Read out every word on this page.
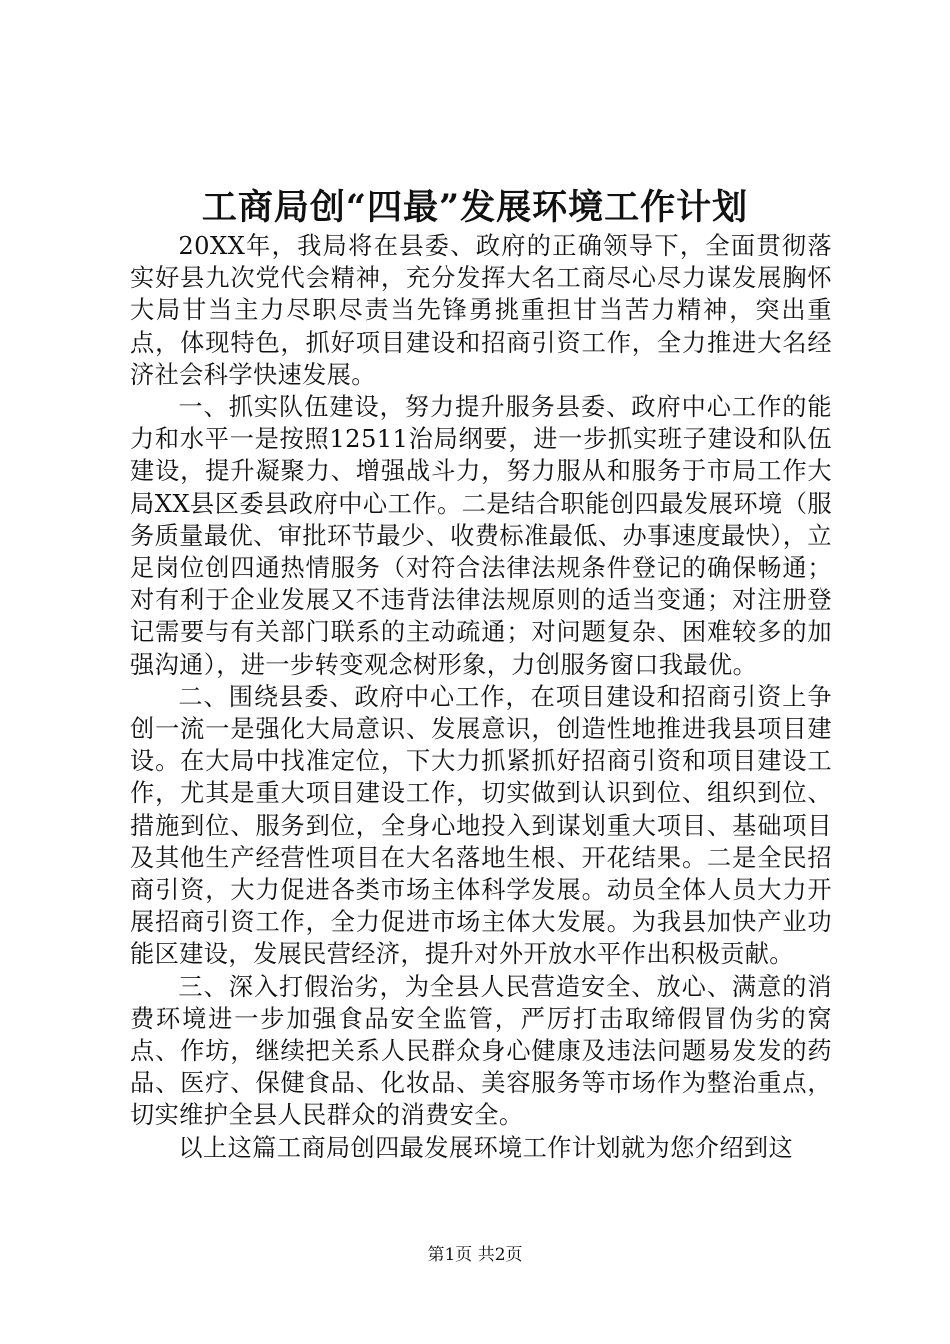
工商局创“四最”发展环境工作计划

20XX年，我局将在县委、政府的正确领导下，全面贯彻落实好县九次党代会精神，充分发挥大名工商尽心尽力谋发展胸怀大局甘当主力尽职尽责当先锋勇挑重担甘当苦力精神，突出重点，体现特色，抓好项目建设和招商引资工作，全力推进大名经济社会科学快速发展。

一、抓实队伍建设，努力提升服务县委、政府中心工作的能力和水平一是按照12511治局纲要，进一步抓实班子建设和队伍建设，提升凝聚力、增强战斗力，努力服从和服务于市局工作大局XX县区委县政府中心工作。二是结合职能创四最发展环境（服务质量最优、审批环节最少、收费标准最低、办事速度最快），立足岗位创四通热情服务（对符合法律法规条件登记的确保畅通；对有利于企业发展又不违背法律法规原则的适当变通；对注册登记需要与有关部门联系的主动疏通；对问题复杂、困难较多的加强沟通），进一步转变观念树形象，力创服务窗口我最优。

二、围绕县委、政府中心工作，在项目建设和招商引资上争创一流一是强化大局意识、发展意识，创造性地推进我县项目建设。在大局中找准定位，下大力抓紧抓好招商引资和项目建设工作，尤其是重大项目建设工作，切实做到认识到位、组织到位、措施到位、服务到位，全身心地投入到谋划重大项目、基础项目及其他生产经营性项目在大名落地生根、开花结果。二是全民招商引资，大力促进各类市场主体科学发展。动员全体人员大力开展招商引资工作，全力促进市场主体大发展。为我县加快产业功能区建设，发展民营经济，提升对外开放水平作出积极贡献。

三、深入打假治劣，为全县人民营造安全、放心、满意的消费环境进一步加强食品安全监管，严厉打击取缔假冒伪劣的窝点、作坊，继续把关系人民群众身心健康及违法问题易发发的药品、医疗、保健食品、化妆品、美容服务等市场作为整治重点，切实维护全县人民群众的消费安全。

以上这篇工商局创四最发展环境工作计划就为您介绍到这

第1页 共2页
